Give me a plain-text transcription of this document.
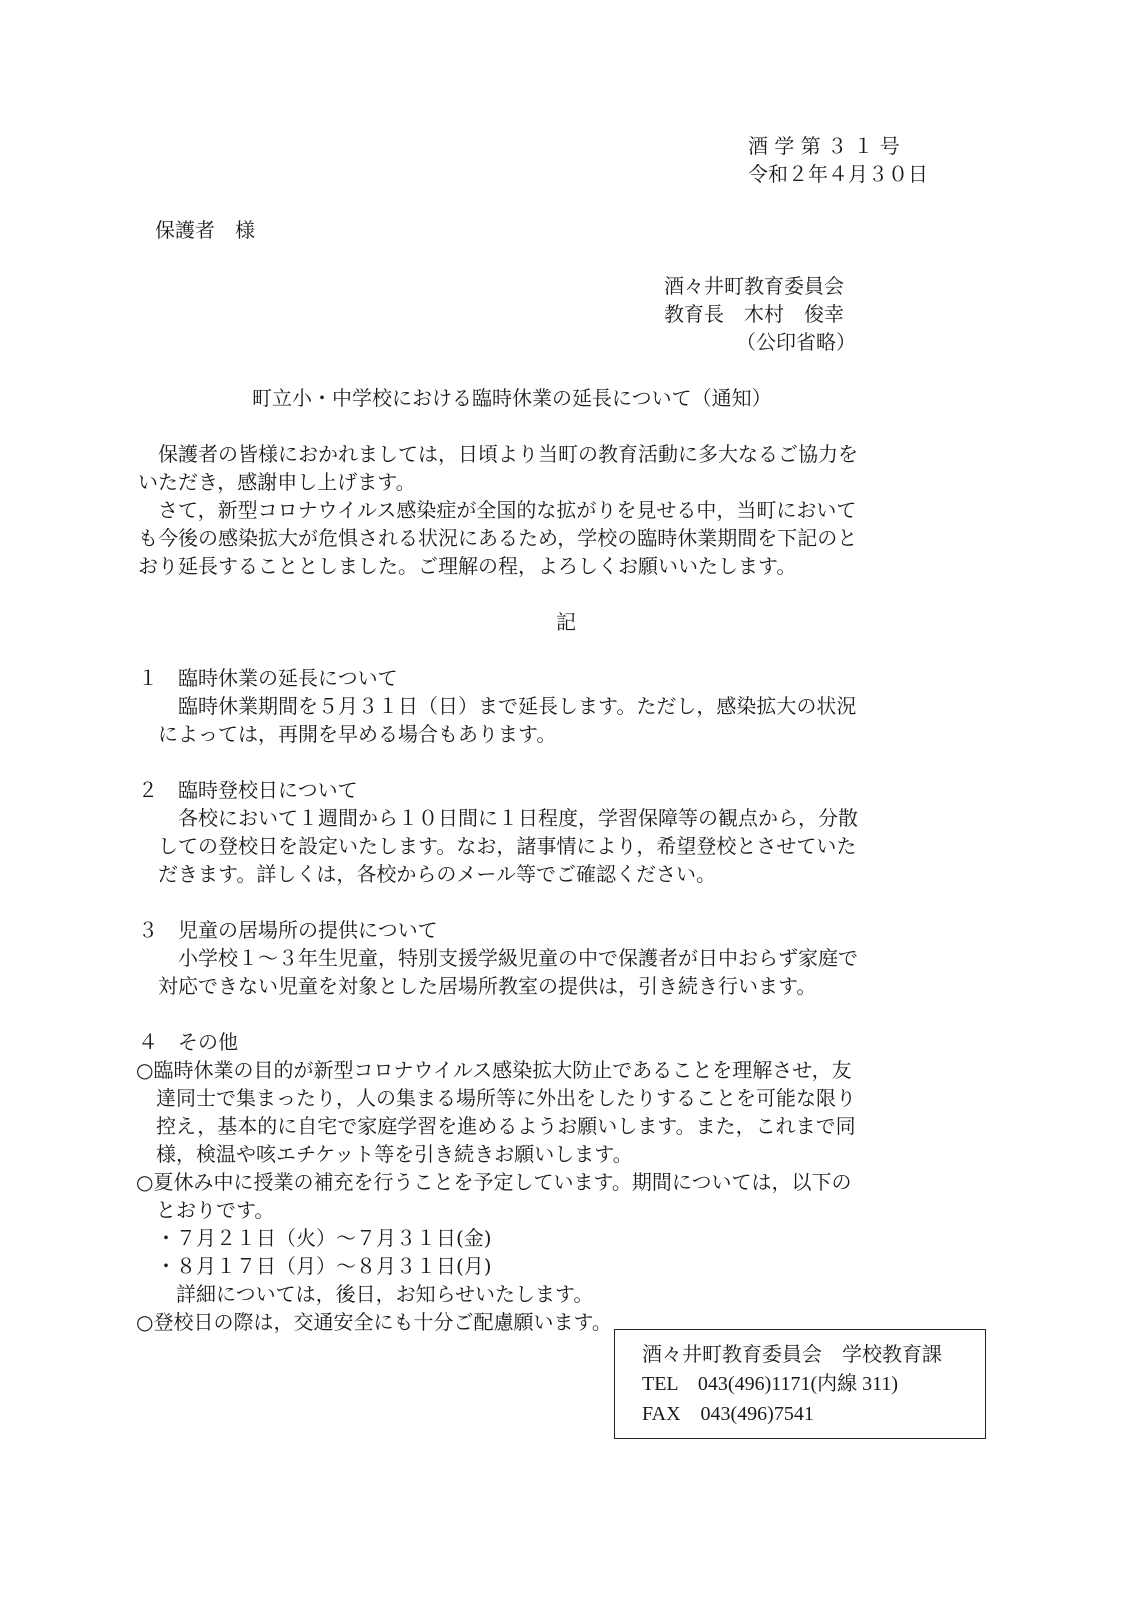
酒 学 第 ３ １ 号

令和２年４月３０日

保護者　様

酒々井町教育委員会

教育長　木村　俊幸

（公印省略）

町立小・中学校における臨時休業の延長について（通知）

　保護者の皆様におかれましては，日頃より当町の教育活動に多大なるご協力を

いただき，感謝申し上げます。

　さて，新型コロナウイルス感染症が全国的な拡がりを見せる中，当町において

も今後の感染拡大が危惧される状況にあるため，学校の臨時休業期間を下記のと

おり延長することとしました。ご理解の程，よろしくお願いいたします。

記

１　臨時休業の延長について

　臨時休業期間を５月３１日（日）まで延長します。ただし，感染拡大の状況

によっては，再開を早める場合もあります。

２　臨時登校日について

　各校において１週間から１０日間に１日程度，学習保障等の観点から，分散

しての登校日を設定いたします。なお，諸事情により，希望登校とさせていた

だきます。詳しくは，各校からのメール等でご確認ください。

３　児童の居場所の提供について

　小学校１～３年生児童，特別支援学級児童の中で保護者が日中おらず家庭で

対応できない児童を対象とした居場所教室の提供は，引き続き行います。

４　その他

○臨時休業の目的が新型コロナウイルス感染拡大防止であることを理解させ，友

　達同士で集まったり，人の集まる場所等に外出をしたりすることを可能な限り

　控え，基本的に自宅で家庭学習を進めるようお願いします。また，これまで同

　様，検温や咳エチケット等を引き続きお願いします。

○夏休み中に授業の補充を行うことを予定しています。期間については，以下の

　とおりです。

　・７月２１日（火）～７月３１日(金)

　・８月１７日（月）～８月３１日(月)

　　詳細については，後日，お知らせいたします。

○登校日の際は，交通安全にも十分ご配慮願います。

酒々井町教育委員会　学校教育課

TEL　043(496)1171(内線 311)

FAX　043(496)7541
